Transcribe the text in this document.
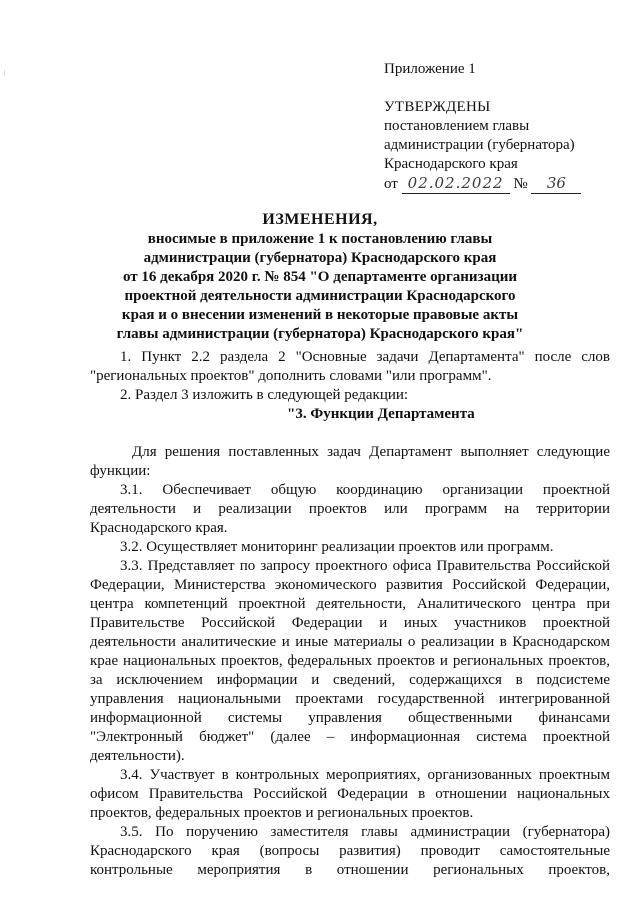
---	Приложение 1
УТВЕРЖДЕНЫ
постановлением главы
администрации (губернатора)
Краснодарского края
от 02.02.2022 № 36
ИЗМЕНЕНИЯ,
вносимые в приложение 1 к постановлению главы
администрации (губернатора) Краснодарского края
от 16 декабря 2020 г. № 854 "О департаменте организации
проектной деятельности администрации Краснодарского
края и о внесении изменений в некоторые правовые акты
главы администрации (губернатора) Краснодарского края"

1. Пункт 2.2 раздела 2 "Основные задачи Департамента" после слов "региональных проектов" дополнить словами "или программ".

2. Раздел 3 изложить в следующей редакции:

"3. Функции Департамента

Для решения поставленных задач Департамент выполняет следующие функции:

3.1. Обеспечивает общую координацию организации проектной деятельности и реализации проектов или программ на территории Краснодарского края.

3.2. Осуществляет мониторинг реализации проектов или программ.

3.3. Представляет по запросу проектного офиса Правительства Российской Федерации, Министерства экономического развития Российской Федерации, центра компетенций проектной деятельности, Аналитического центра при Правительстве Российской Федерации и иных участников проектной деятельности аналитические и иные материалы о реализации в Краснодарском крае национальных проектов, федеральных проектов и региональных проектов, за исключением информации и сведений, содержащихся в подсистеме управления национальными проектами государственной интегрированной информационной системы управления общественными финансами "Электронный бюджет" (далее – информационная система проектной деятельности).

3.4. Участвует в контрольных мероприятиях, организованных проектным офисом Правительства Российской Федерации в отношении национальных проектов, федеральных проектов и региональных проектов.

3.5. По поручению заместителя главы администрации (губернатора) Краснодарского края (вопросы развития) проводит самостоятельные контрольные мероприятия в отношении региональных проектов,
